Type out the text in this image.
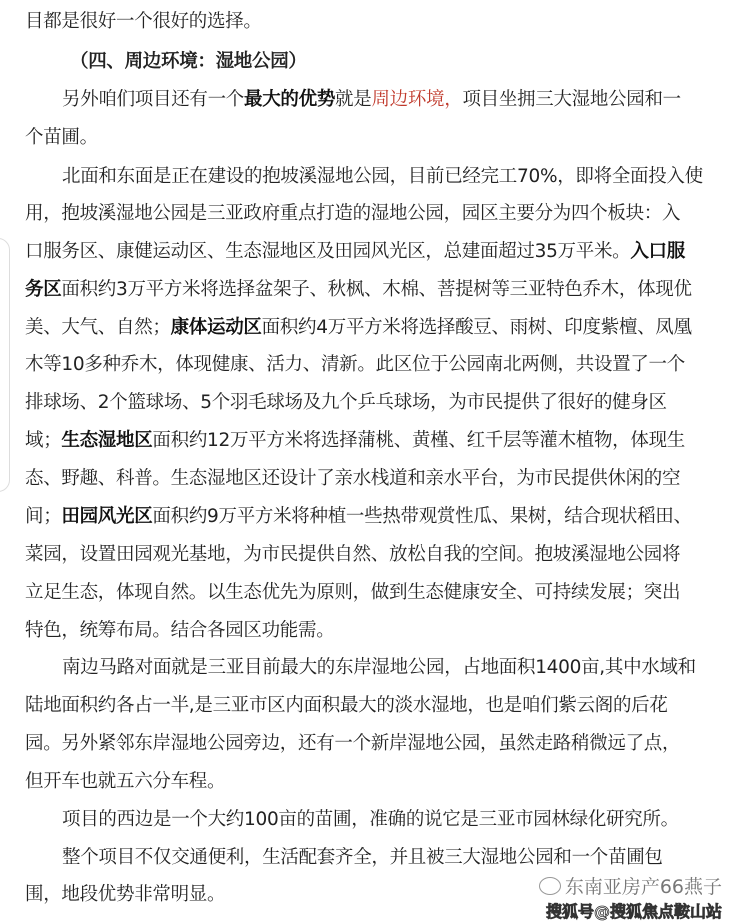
目都是很好一个很好的选择。
（四、周边环境：湿地公园）
另外咱们项目还有一个最大的优势就是周边环境，项目坐拥三大湿地公园和一
个苗圃。
北面和东面是正在建设的抱坡溪湿地公园，目前已经完工70%，即将全面投入使
用，抱坡溪湿地公园是三亚政府重点打造的湿地公园，园区主要分为四个板块：入
口服务区、康健运动区、生态湿地区及田园风光区，总建面超过35万平米。入口服
务区面积约3万平方米将选择盆架子、秋枫、木棉、菩提树等三亚特色乔木，体现优
美、大气、自然；康体运动区面积约4万平方米将选择酸豆、雨树、印度紫檀、凤凰
木等10多种乔木，体现健康、活力、清新。此区位于公园南北两侧，共设置了一个
排球场、2个篮球场、5个羽毛球场及九个乒乓球场，为市民提供了很好的健身区
域；生态湿地区面积约12万平方米将选择蒲桃、黄槿、红千层等灌木植物，体现生
态、野趣、科普。生态湿地区还设计了亲水栈道和亲水平台，为市民提供休闲的空
间；田园风光区面积约9万平方米将种植一些热带观赏性瓜、果树，结合现状稻田、
菜园，设置田园观光基地，为市民提供自然、放松自我的空间。抱坡溪湿地公园将
立足生态，体现自然。以生态优先为原则，做到生态健康安全、可持续发展；突出
特色，统筹布局。结合各园区功能需。
南边马路对面就是三亚目前最大的东岸湿地公园，占地面积1400亩,其中水域和
陆地面积约各占一半,是三亚市区内面积最大的淡水湿地，也是咱们紫云阁的后花
园。另外紧邻东岸湿地公园旁边，还有一个新岸湿地公园，虽然走路稍微远了点，
但开车也就五六分车程。
项目的西边是一个大约100亩的苗圃，准确的说它是三亚市园林绿化研究所。
整个项目不仅交通便利，生活配套齐全，并且被三大湿地公园和一个苗圃包
围，地段优势非常明显。	东南亚房产66燕子
搜狐号@搜狐焦点鞍山站
